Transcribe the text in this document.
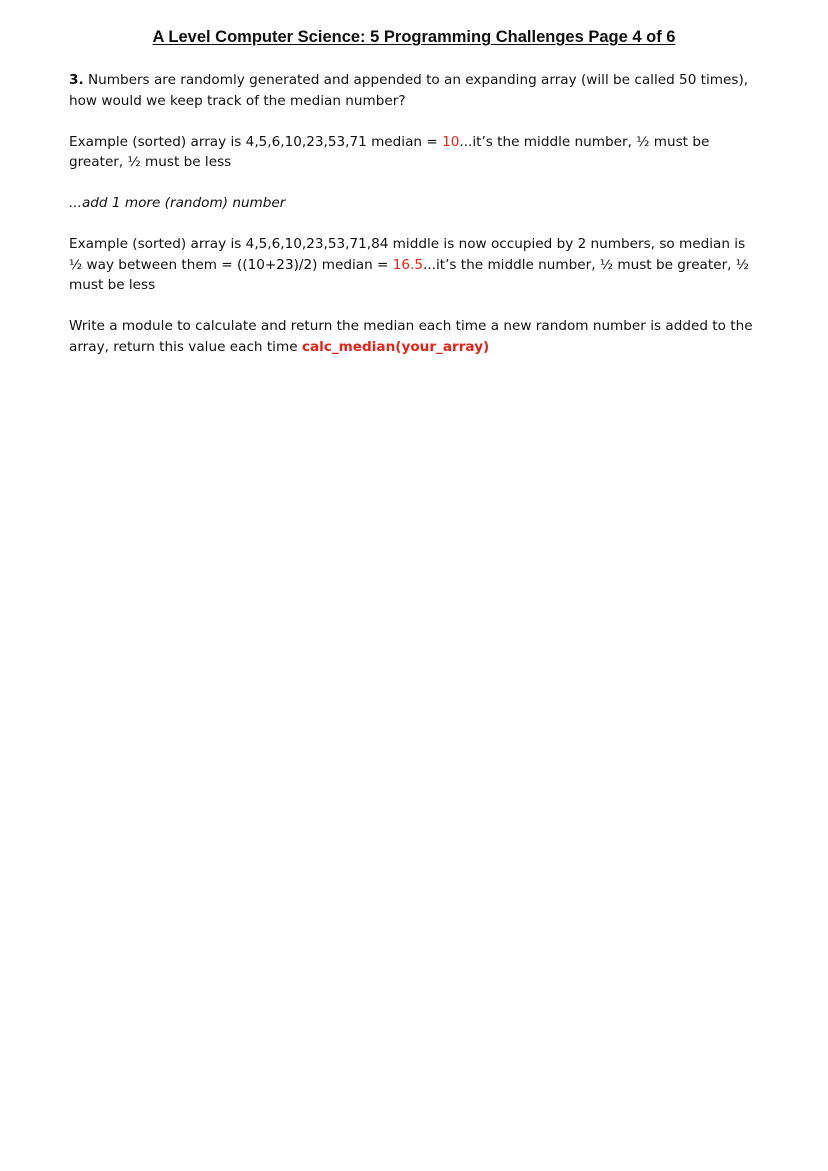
A Level Computer Science: 5 Programming Challenges Page 4 of 6

3. Numbers are randomly generated and appended to an expanding array (will be called 50 times), how would we keep track of the median number?

Example (sorted) array is 4,5,6,10,23,53,71 median = 10...it’s the middle number, ½ must be greater, ½ must be less

...add 1 more (random) number

Example (sorted) array is 4,5,6,10,23,53,71,84 middle is now occupied by 2 numbers, so median is ½ way between them = ((10+23)/2) median = 16.5...it’s the middle number, ½ must be greater, ½ must be less

Write a module to calculate and return the median each time a new random number is added to the array, return this value each time calc_median(your_array)
